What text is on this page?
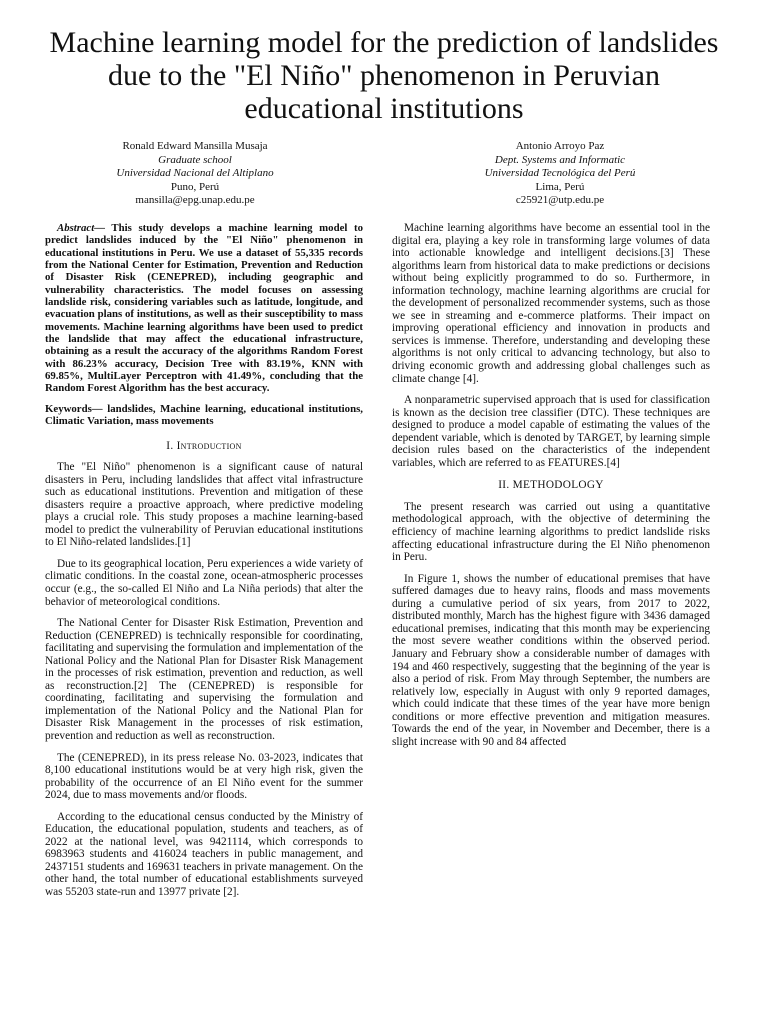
Machine learning model for the prediction of landslides due to the "El Niño" phenomenon in Peruvian educational institutions
Ronald Edward Mansilla Musaja
Graduate school
Universidad Nacional del Altiplano
Puno, Perú
mansilla@epg.unap.edu.pe
Antonio Arroyo Paz
Dept. Systems and Informatic
Universidad Tecnológica del Perú
Lima, Perú
c25921@utp.edu.pe

Abstract— This study develops a machine learning model to predict landslides induced by the "El Niño" phenomenon in educational institutions in Peru. We use a dataset of 55,335 records from the National Center for Estimation, Prevention and Reduction of Disaster Risk (CENEPRED), including geographic and vulnerability characteristics. The model focuses on assessing landslide risk, considering variables such as latitude, longitude, and evacuation plans of institutions, as well as their susceptibility to mass movements. Machine learning algorithms have been used to predict the landslide that may affect the educational infrastructure, obtaining as a result the accuracy of the algorithms Random Forest with 86.23% accuracy, Decision Tree with 83.19%, KNN with 69.85%, MultiLayer Perceptron with 41.49%, concluding that the Random Forest Algorithm has the best accuracy.

Keywords— landslides, Machine learning, educational institutions, Climatic Variation, mass movements

I. Introduction

The "El Niño" phenomenon is a significant cause of natural disasters in Peru, including landslides that affect vital infrastructure such as educational institutions. Prevention and mitigation of these disasters require a proactive approach, where predictive modeling plays a crucial role. This study proposes a machine learning-based model to predict the vulnerability of Peruvian educational institutions to El Niño-related landslides.[1]

Due to its geographical location, Peru experiences a wide variety of climatic conditions. In the coastal zone, ocean-atmospheric processes occur (e.g., the so-called El Niño and La Niña periods) that alter the behavior of meteorological conditions.

The National Center for Disaster Risk Estimation, Prevention and Reduction (CENEPRED) is technically responsible for coordinating, facilitating and supervising the formulation and implementation of the National Policy and the National Plan for Disaster Risk Management in the processes of risk estimation, prevention and reduction, as well as reconstruction.[2] The (CENEPRED) is responsible for coordinating, facilitating and supervising the formulation and implementation of the National Policy and the National Plan for Disaster Risk Management in the processes of risk estimation, prevention and reduction as well as reconstruction.

The (CENEPRED), in its press release No. 03-2023, indicates that 8,100 educational institutions would be at very high risk, given the probability of the occurrence of an El Niño event for the summer 2024, due to mass movements and/or floods.

According to the educational census conducted by the Ministry of Education, the educational population, students and teachers, as of 2022 at the national level, was 9421114, which corresponds to 6983963 students and 416024 teachers in public management, and 2437151 students and 169631 teachers in private management. On the other hand, the total number of educational establishments surveyed was 55203 state-run and 13977 private [2].

Machine learning algorithms have become an essential tool in the digital era, playing a key role in transforming large volumes of data into actionable knowledge and intelligent decisions.[3] These algorithms learn from historical data to make predictions or decisions without being explicitly programmed to do so. Furthermore, in information technology, machine learning algorithms are crucial for the development of personalized recommender systems, such as those we see in streaming and e-commerce platforms. Their impact on improving operational efficiency and innovation in products and services is immense. Therefore, understanding and developing these algorithms is not only critical to advancing technology, but also to driving economic growth and addressing global challenges such as climate change [4].

A nonparametric supervised approach that is used for classification is known as the decision tree classifier (DTC). These techniques are designed to produce a model capable of estimating the values of the dependent variable, which is denoted by TARGET, by learning simple decision rules based on the characteristics of the independent variables, which are referred to as FEATURES.[4]

II. METHODOLOGY

The present research was carried out using a quantitative methodological approach, with the objective of determining the efficiency of machine learning algorithms to predict landslide risks affecting educational infrastructure during the El Niño phenomenon in Peru.

In Figure 1, shows the number of educational premises that have suffered damages due to heavy rains, floods and mass movements during a cumulative period of six years, from 2017 to 2022, distributed monthly, March has the highest figure with 3436 damaged educational premises, indicating that this month may be experiencing the most severe weather conditions within the observed period. January and February show a considerable number of damages with 194 and 460 respectively, suggesting that the beginning of the year is also a period of risk. From May through September, the numbers are relatively low, especially in August with only 9 reported damages, which could indicate that these times of the year have more benign conditions or more effective prevention and mitigation measures. Towards the end of the year, in November and December, there is a slight increase with 90 and 84 affected
